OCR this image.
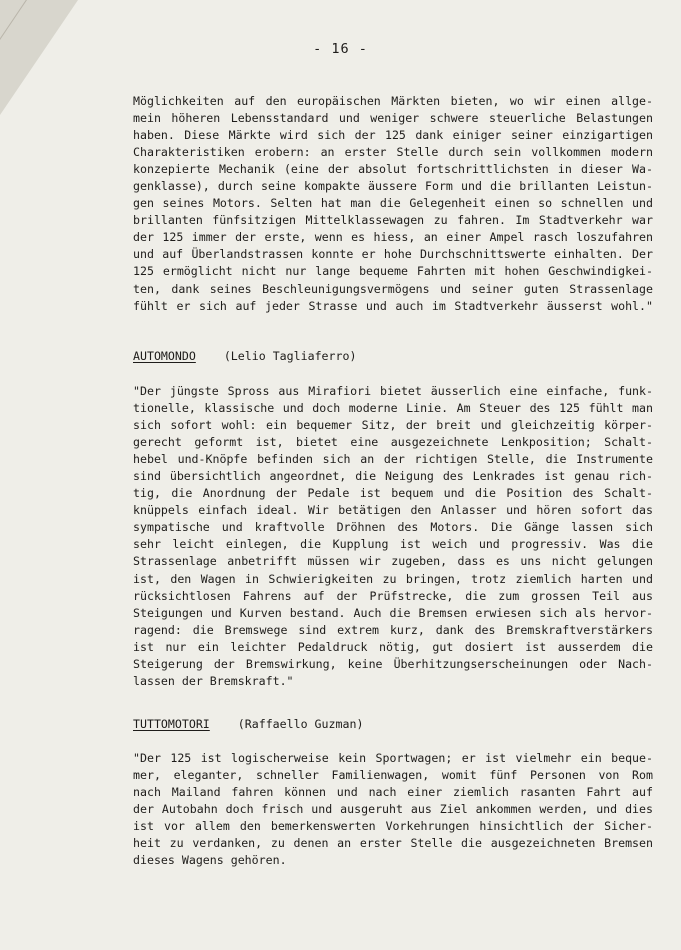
- 16 -
Möglichkeiten auf den europäischen Märkten bieten, wo wir einen allge-
mein höheren Lebensstandard und weniger schwere steuerliche Belastungen
haben. Diese Märkte wird sich der 125 dank einiger seiner einzigartigen
Charakteristiken erobern: an erster Stelle durch sein vollkommen modern
konzepierte Mechanik (eine der absolut fortschrittlichsten in dieser Wa-
genklasse), durch seine kompakte äussere Form und die brillanten Leistun-
gen seines Motors. Selten hat man die Gelegenheit einen so schnellen und
brillanten fünfsitzigen Mittelklassewagen zu fahren. Im Stadtverkehr war
der 125 immer der erste, wenn es hiess, an einer Ampel rasch loszufahren
und auf Überlandstrassen konnte er hohe Durchschnittswerte einhalten. Der
125 ermöglicht nicht nur lange bequeme Fahrten mit hohen Geschwindigkei-
ten, dank seines Beschleunigungsvermögens und seiner guten Strassenlage
fühlt er sich auf jeder Strasse und auch im Stadtverkehr äusserst wohl."
AUTOMONDO (Lelio Tagliaferro)
"Der jüngste Spross aus Mirafiori bietet äusserlich eine einfache, funk-
tionelle, klassische und doch moderne Linie. Am Steuer des 125 fühlt man
sich sofort wohl: ein bequemer Sitz, der breit und gleichzeitig körper-
gerecht geformt ist, bietet eine ausgezeichnete Lenkposition; Schalt-
hebel und-Knöpfe befinden sich an der richtigen Stelle, die Instrumente
sind übersichtlich angeordnet, die Neigung des Lenkrades ist genau rich-
tig, die Anordnung der Pedale ist bequem und die Position des Schalt-
knüppels einfach ideal. Wir betätigen den Anlasser und hören sofort das
sympatische und kraftvolle Dröhnen des Motors. Die Gänge lassen sich
sehr leicht einlegen, die Kupplung ist weich und progressiv. Was die
Strassenlage anbetrifft müssen wir zugeben, dass es uns nicht gelungen
ist, den Wagen in Schwierigkeiten zu bringen, trotz ziemlich harten und
rücksichtlosen Fahrens auf der Prüfstrecke, die zum grossen Teil aus
Steigungen und Kurven bestand. Auch die Bremsen erwiesen sich als hervor-
ragend: die Bremswege sind extrem kurz, dank des Bremskraftverstärkers
ist nur ein leichter Pedaldruck nötig, gut dosiert ist ausserdem die
Steigerung der Bremswirkung, keine Überhitzungserscheinungen oder Nach-
lassen der Bremskraft."
TUTTOMOTORI (Raffaello Guzman)
"Der 125 ist logischerweise kein Sportwagen; er ist vielmehr ein beque-
mer, eleganter, schneller Familienwagen, womit fünf Personen von Rom
nach Mailand fahren können und nach einer ziemlich rasanten Fahrt auf
der Autobahn doch frisch und ausgeruht aus Ziel ankommen werden, und dies
ist vor allem den bemerkenswerten Vorkehrungen hinsichtlich der Sicher-
heit zu verdanken, zu denen an erster Stelle die ausgezeichneten Bremsen
dieses Wagens gehören.
